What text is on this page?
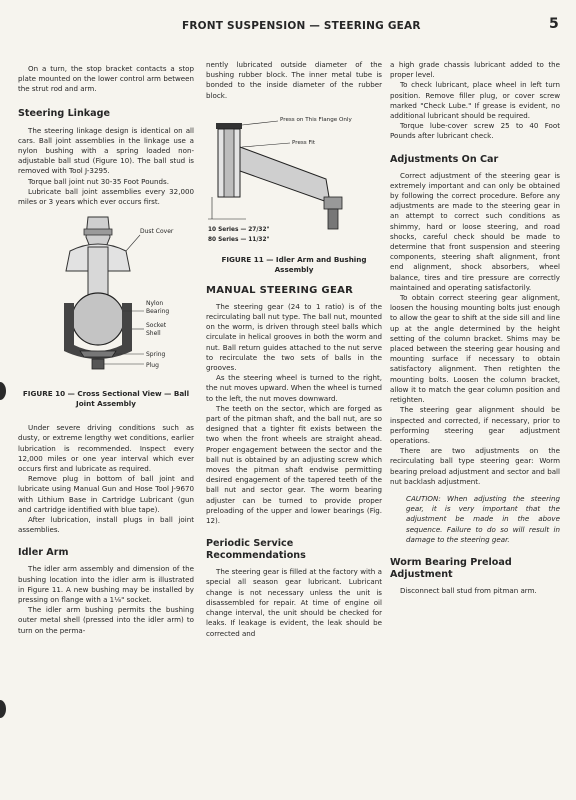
FRONT SUSPENSION — STEERING GEAR	5

On a turn, the stop bracket contacts a stop plate mounted on the lower control arm between the strut rod and arm.

Steering Linkage

The steering linkage design is identical on all cars. Ball joint assemblies in the linkage use a nylon bushing with a spring loaded non-adjustable ball stud (Figure 10). The ball stud is removed with Tool J-3295.

Torque ball joint nut 30-35 Foot Pounds.

Lubricate ball joint assemblies every 32,000 miles or 3 years which ever occurs first.

Dust Cover
Nylon
Bearing
Socket
Shell
Spring
Plug
FIGURE 10 — Cross Sectional View — Ball Joint Assembly

Under severe driving conditions such as dusty, or extreme lengthy wet conditions, earlier lubrication is recommended. Inspect every 12,000 miles or one year interval which ever occurs first and lubricate as required.

Remove plug in bottom of ball joint and lubricate using Manual Gun and Hose Tool J-9670 with Lithium Base in Cartridge Lubricant (gun and cartridge identified with blue tape).

After lubrication, install plugs in ball joint assemblies.

Idler Arm

The idler arm assembly and dimension of the bushing location into the idler arm is illustrated in Figure 11. A new bushing may be installed by pressing on flange with a 1⅛" socket.

The idler arm bushing permits the bushing outer metal shell (pressed into the idler arm) to turn on the perma-

nently lubricated outside diameter of the bushing rubber block. The inner metal tube is bonded to the inside diameter of the rubber block.

Press on This Flange Only
Press Fit
10 Series — 27/32"
80 Series — 11/32"
FIGURE 11 — Idler Arm and Bushing Assembly
MANUAL STEERING GEAR

The steering gear (24 to 1 ratio) is of the recirculating ball nut type. The ball nut, mounted on the worm, is driven through steel balls which circulate in helical grooves in both the worm and nut. Ball return guides attached to the nut serve to recirculate the two sets of balls in the grooves.

As the steering wheel is turned to the right, the nut moves upward. When the wheel is turned to the left, the nut moves downward.

The teeth on the sector, which are forged as part of the pitman shaft, and the ball nut, are so designed that a tighter fit exists between the two when the front wheels are straight ahead. Proper engagement between the sector and the ball nut is obtained by an adjusting screw which moves the pitman shaft endwise permitting desired engagement of the tapered teeth of the ball nut and sector gear. The worm bearing adjuster can be turned to provide proper preloading of the upper and lower bearings (Fig. 12).

Periodic Service Recommendations

The steering gear is filled at the factory with a special all season gear lubricant. Lubricant change is not necessary unless the unit is disassembled for repair. At time of engine oil change interval, the unit should be checked for leaks. If leakage is evident, the leak should be corrected and

a high grade chassis lubricant added to the proper level.

To check lubricant, place wheel in left turn position. Remove filler plug, or cover screw marked "Check Lube." If grease is evident, no additional lubricant should be required.

Torque lube-cover screw 25 to 40 Foot Pounds after lubricant check.

Adjustments On Car

Correct adjustment of the steering gear is extremely important and can only be obtained by following the correct procedure. Before any adjustments are made to the steering gear in an attempt to correct such conditions as shimmy, hard or loose steering, and road shocks, careful check should be made to determine that front suspension and steering components, steering shaft alignment, front end alignment, shock absorbers, wheel balance, tires and tire pressure are correctly maintained and operating satisfactorily.

To obtain correct steering gear alignment, loosen the housing mounting bolts just enough to allow the gear to shift at the side sill and line up at the angle determined by the height setting of the column bracket. Shims may be placed between the steering gear housing and mounting surface if necessary to obtain satisfactory alignment. Then retighten the mounting bolts. Loosen the column bracket, allow it to match the gear column position and retighten.

The steering gear alignment should be inspected and corrected, if necessary, prior to performing steering gear adjustment operations.

There are two adjustments on the recirculating ball type steering gear: Worm bearing preload adjustment and sector and ball nut backlash adjustment.

CAUTION: When adjusting the steering gear, it is very important that the adjustment be made in the above sequence. Failure to do so will result in damage to the steering gear.

Worm Bearing Preload Adjustment

Disconnect ball stud from pitman arm.
